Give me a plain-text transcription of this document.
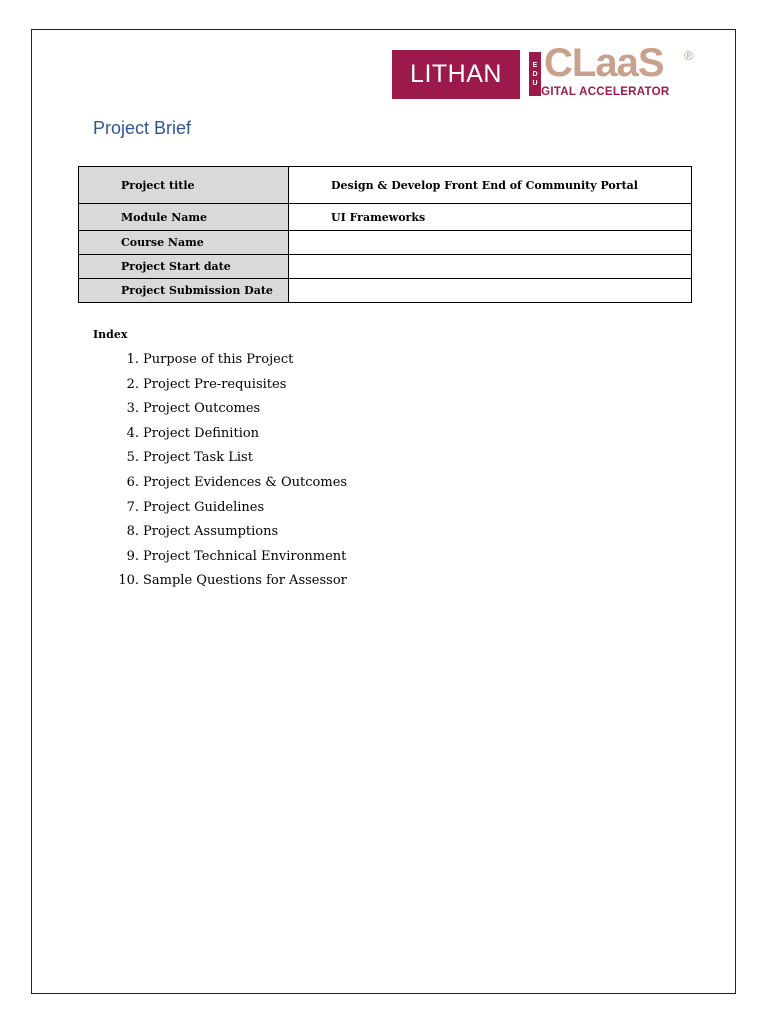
LITHAN	E
D
U CLaaS ®
DIGITAL ACCELERATOR
Project Brief
Project title	Design & Develop Front End of Community Portal
Module Name	UI Frameworks
Course Name	
Project Start date	
Project Submission Date	
Index
1. Purpose of this Project
2. Project Pre-requisites
3. Project Outcomes
4. Project Definition
5. Project Task List
6. Project Evidences & Outcomes
7. Project Guidelines
8. Project Assumptions
9. Project Technical Environment
10. Sample Questions for Assessor
